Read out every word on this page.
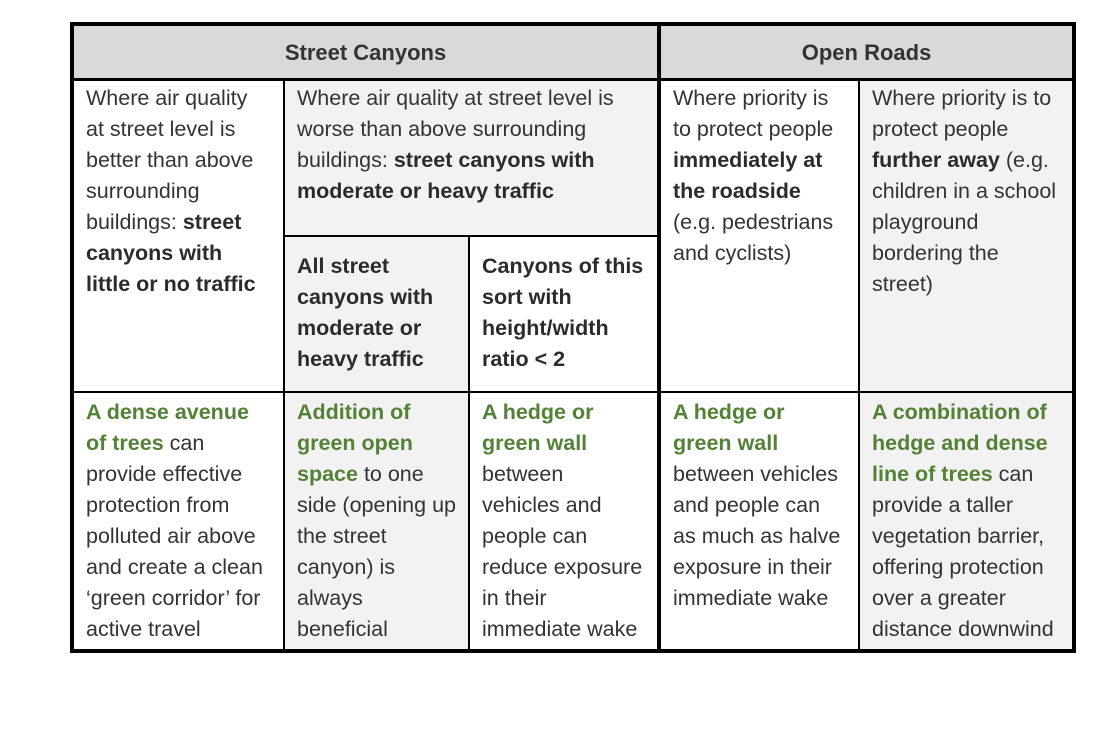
Street Canyons			Open Roads	
Where air quality at street level is better than above surrounding buildings: street canyons with little or no traffic	Where air quality at street level is worse than above surrounding buildings: street canyons with moderate or heavy traffic		Where priority is to protect people immediately at the roadside (e.g. pedestrians and cyclists)	Where priority is to protect people further away (e.g. children in a school playground bordering the street)
	All street canyons with moderate or heavy traffic	Canyons of this sort with height/width ratio < 2		
A dense avenue of trees can provide effective protection from polluted air above and create a clean ‘green corridor’ for active travel	Addition of green open space to one side (opening up the street canyon) is always beneficial	A hedge or green wall between vehicles and people can reduce exposure in their immediate wake	A hedge or green wall between vehicles and people can as much as halve exposure in their immediate wake	A combination of hedge and dense line of trees can provide a taller vegetation barrier, offering protection over a greater distance downwind
